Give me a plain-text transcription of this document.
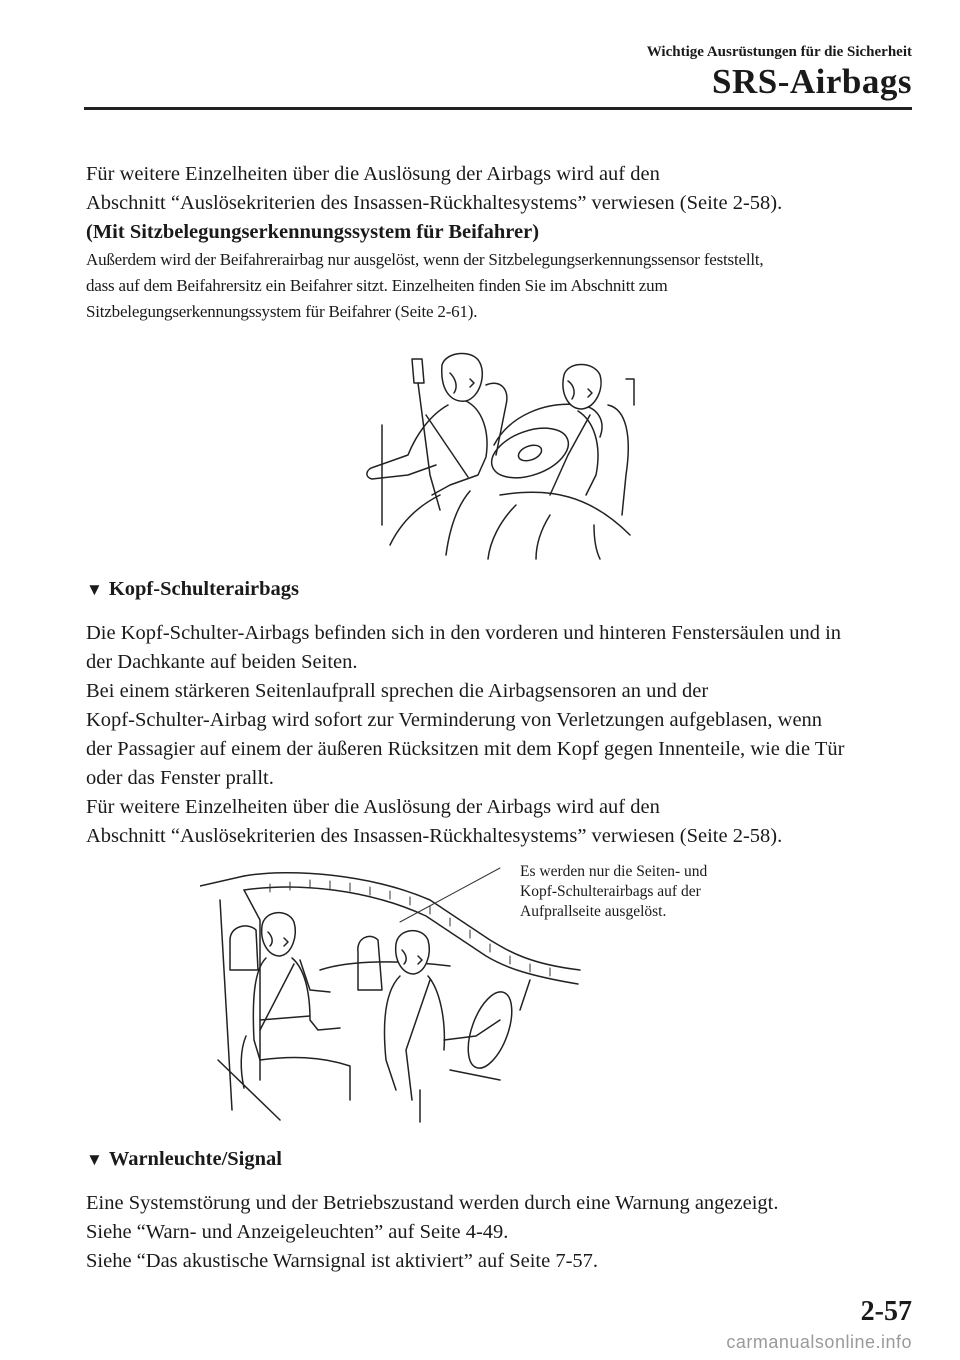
Wichtige Ausrüstungen für die Sicherheit
SRS-Airbags

Für weitere Einzelheiten über die Auslösung der Airbags wird auf den

Abschnitt “Auslösekriterien des Insassen-Rückhaltesystems” verwiesen (Seite 2-58).

(Mit Sitzbelegungserkennungssystem für Beifahrer)

Außerdem wird der Beifahrerairbag nur ausgelöst, wenn der Sitzbelegungserkennungssensor feststellt,

dass auf dem Beifahrersitz ein Beifahrer sitzt. Einzelheiten finden Sie im Abschnitt zum

Sitzbelegungserkennungssystem für Beifahrer (Seite 2-61).

▼ Kopf-Schulterairbags

Die Kopf-Schulter-Airbags befinden sich in den vorderen und hinteren Fenstersäulen und in

der Dachkante auf beiden Seiten.

Bei einem stärkeren Seitenlaufprall sprechen die Airbagsensoren an und der

Kopf-Schulter-Airbag wird sofort zur Verminderung von Verletzungen aufgeblasen, wenn

der Passagier auf einem der äußeren Rücksitzen mit dem Kopf gegen Innenteile, wie die Tür

oder das Fenster prallt.

Für weitere Einzelheiten über die Auslösung der Airbags wird auf den

Abschnitt “Auslösekriterien des Insassen-Rückhaltesystems” verwiesen (Seite 2-58).

Es werden nur die Seiten- und
Kopf-Schulterairbags auf der
Aufprallseite ausgelöst.
▼ Warnleuchte/Signal

Eine Systemstörung und der Betriebszustand werden durch eine Warnung angezeigt.

Siehe “Warn- und Anzeigeleuchten” auf Seite 4-49.

Siehe “Das akustische Warnsignal ist aktiviert” auf Seite 7-57.

2-57
carmanualsonline.info
